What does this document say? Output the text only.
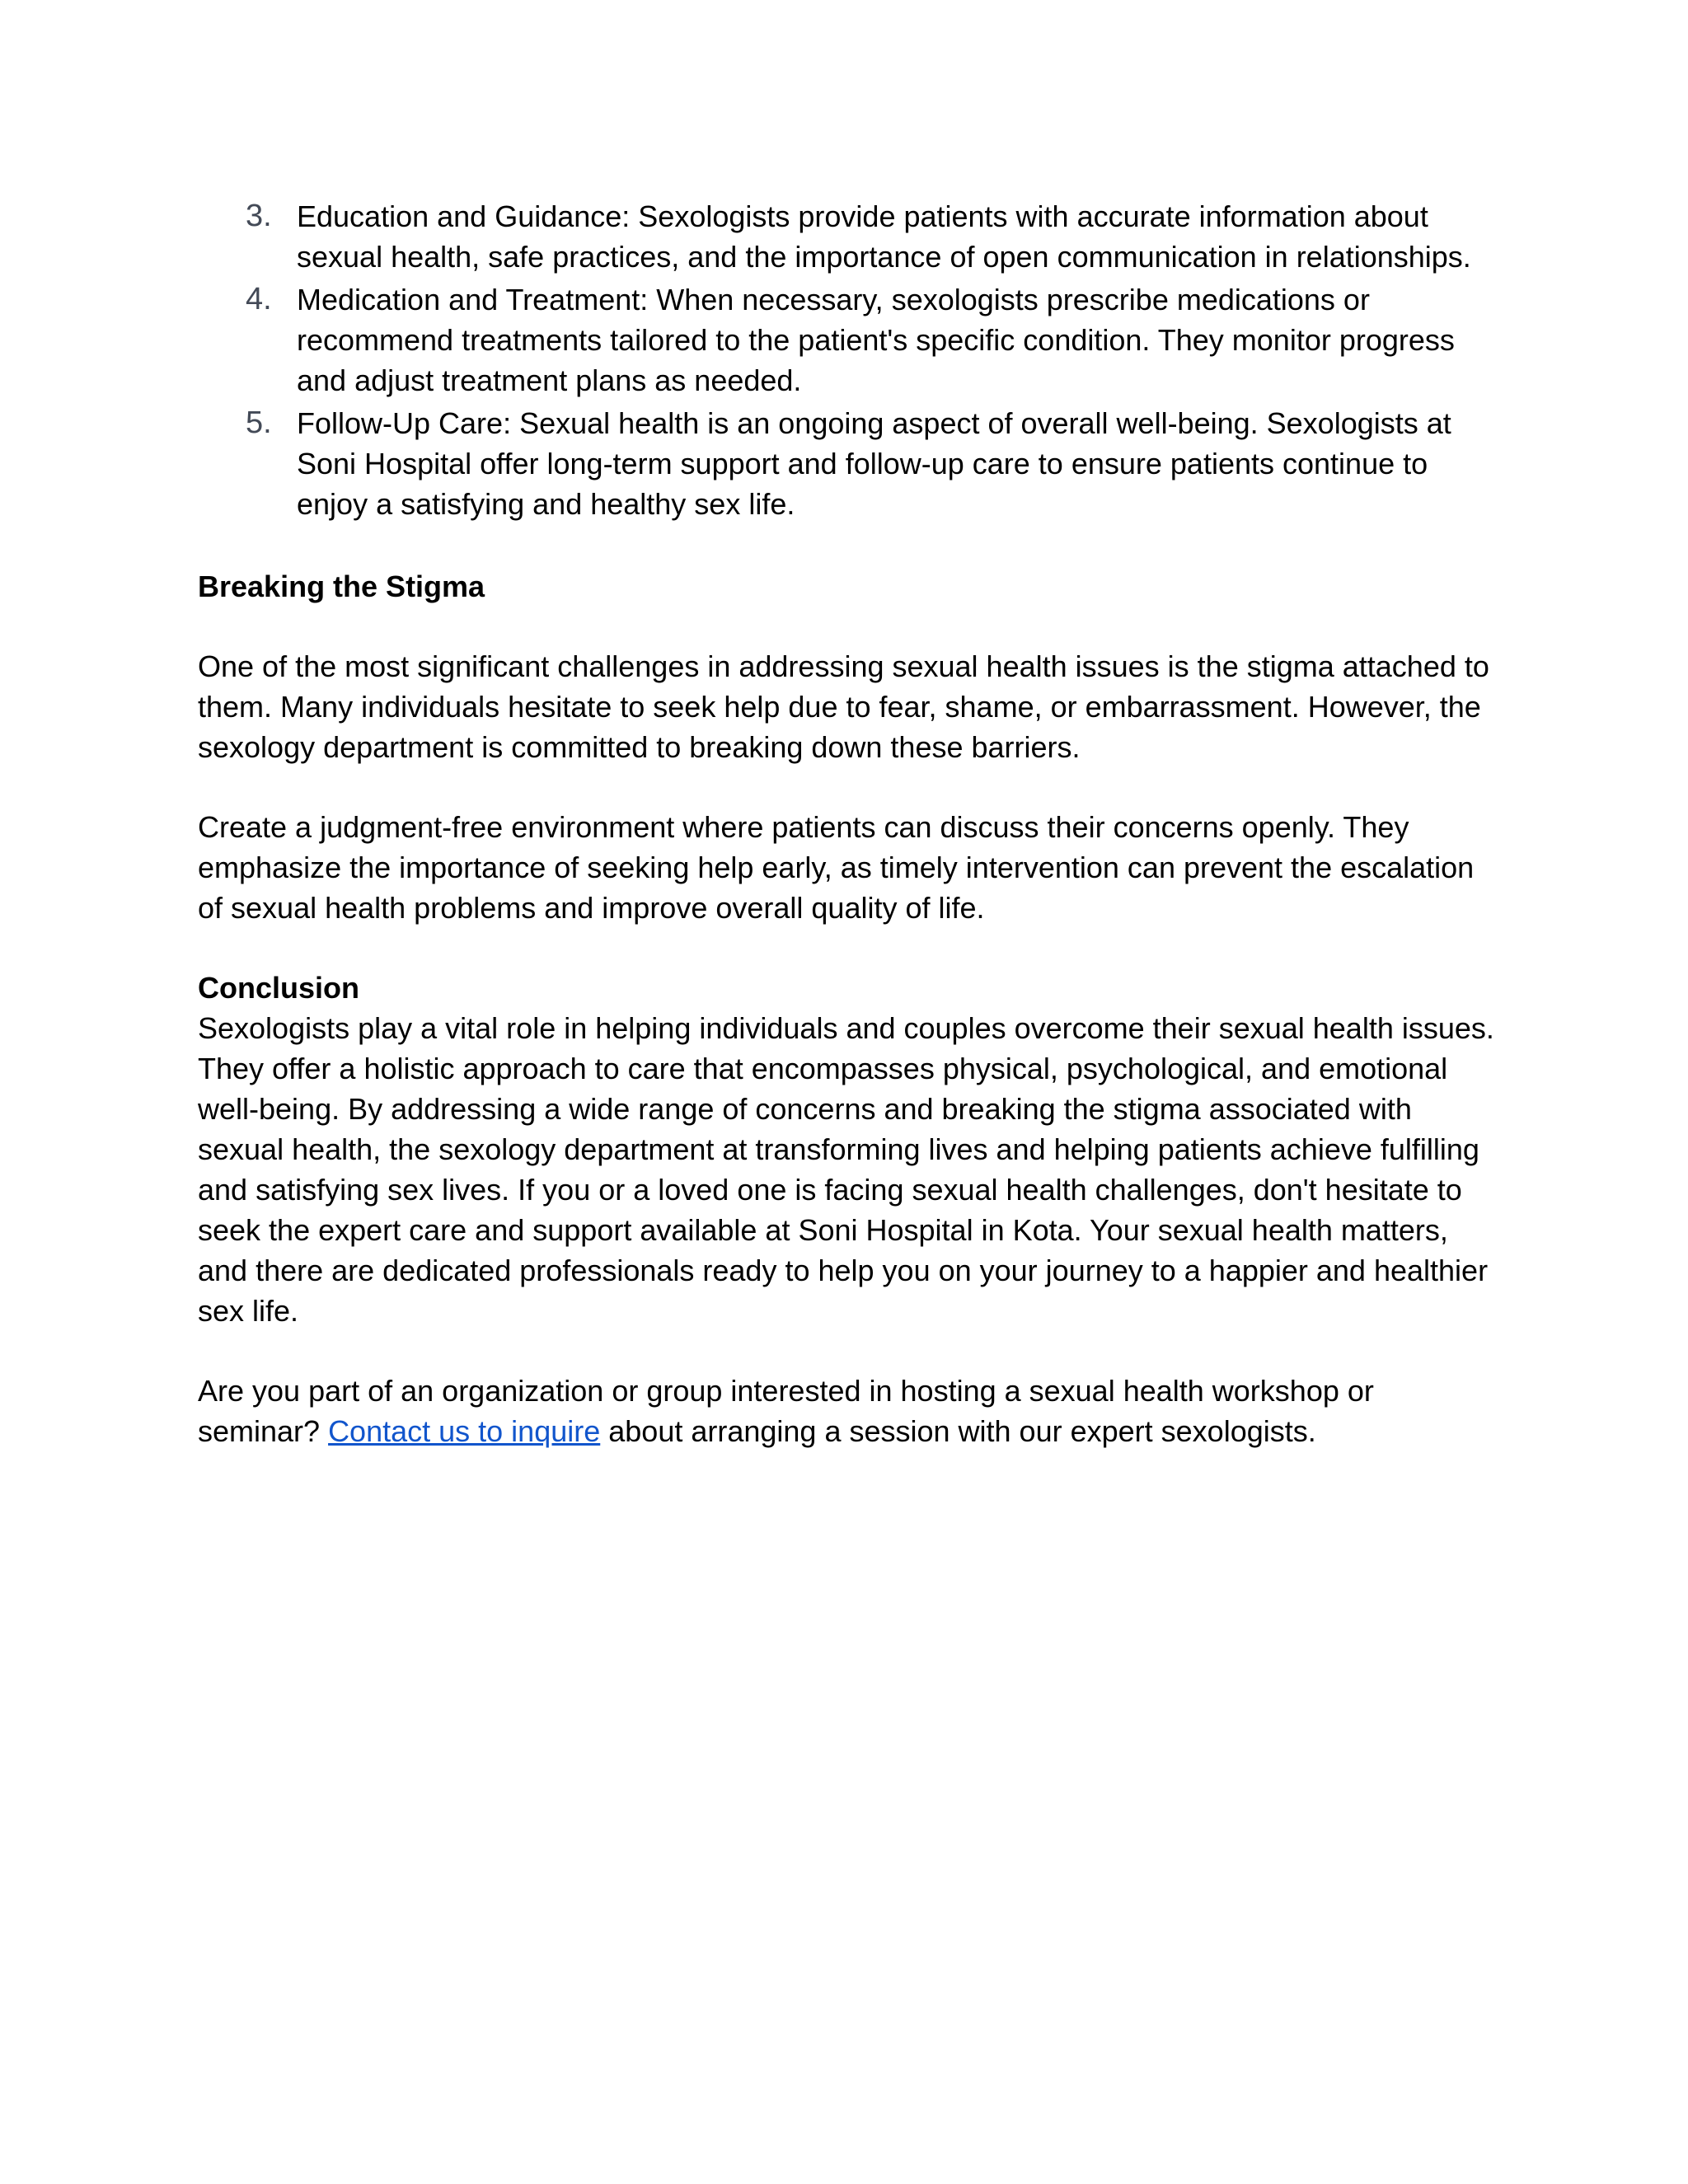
3. Education and Guidance: Sexologists provide patients with accurate information about sexual health, safe practices, and the importance of open communication in relationships.
4. Medication and Treatment: When necessary, sexologists prescribe medications or recommend treatments tailored to the patient's specific condition. They monitor progress and adjust treatment plans as needed.
5. Follow-Up Care: Sexual health is an ongoing aspect of overall well-being. Sexologists at Soni Hospital offer long-term support and follow-up care to ensure patients continue to enjoy a satisfying and healthy sex life.

Breaking the Stigma

One of the most significant challenges in addressing sexual health issues is the stigma attached to them. Many individuals hesitate to seek help due to fear, shame, or embarrassment. However, the sexology department is committed to breaking down these barriers.

Create a judgment-free environment where patients can discuss their concerns openly. They emphasize the importance of seeking help early, as timely intervention can prevent the escalation of sexual health problems and improve overall quality of life.

Conclusion

Sexologists play a vital role in helping individuals and couples overcome their sexual health issues. They offer a holistic approach to care that encompasses physical, psychological, and emotional well-being. By addressing a wide range of concerns and breaking the stigma associated with sexual health, the sexology department at transforming lives and helping patients achieve fulfilling and satisfying sex lives. If you or a loved one is facing sexual health challenges, don't hesitate to seek the expert care and support available at Soni Hospital in Kota. Your sexual health matters, and there are dedicated professionals ready to help you on your journey to a happier and healthier sex life.

Are you part of an organization or group interested in hosting a sexual health workshop or seminar? Contact us to inquire about arranging a session with our expert sexologists.
